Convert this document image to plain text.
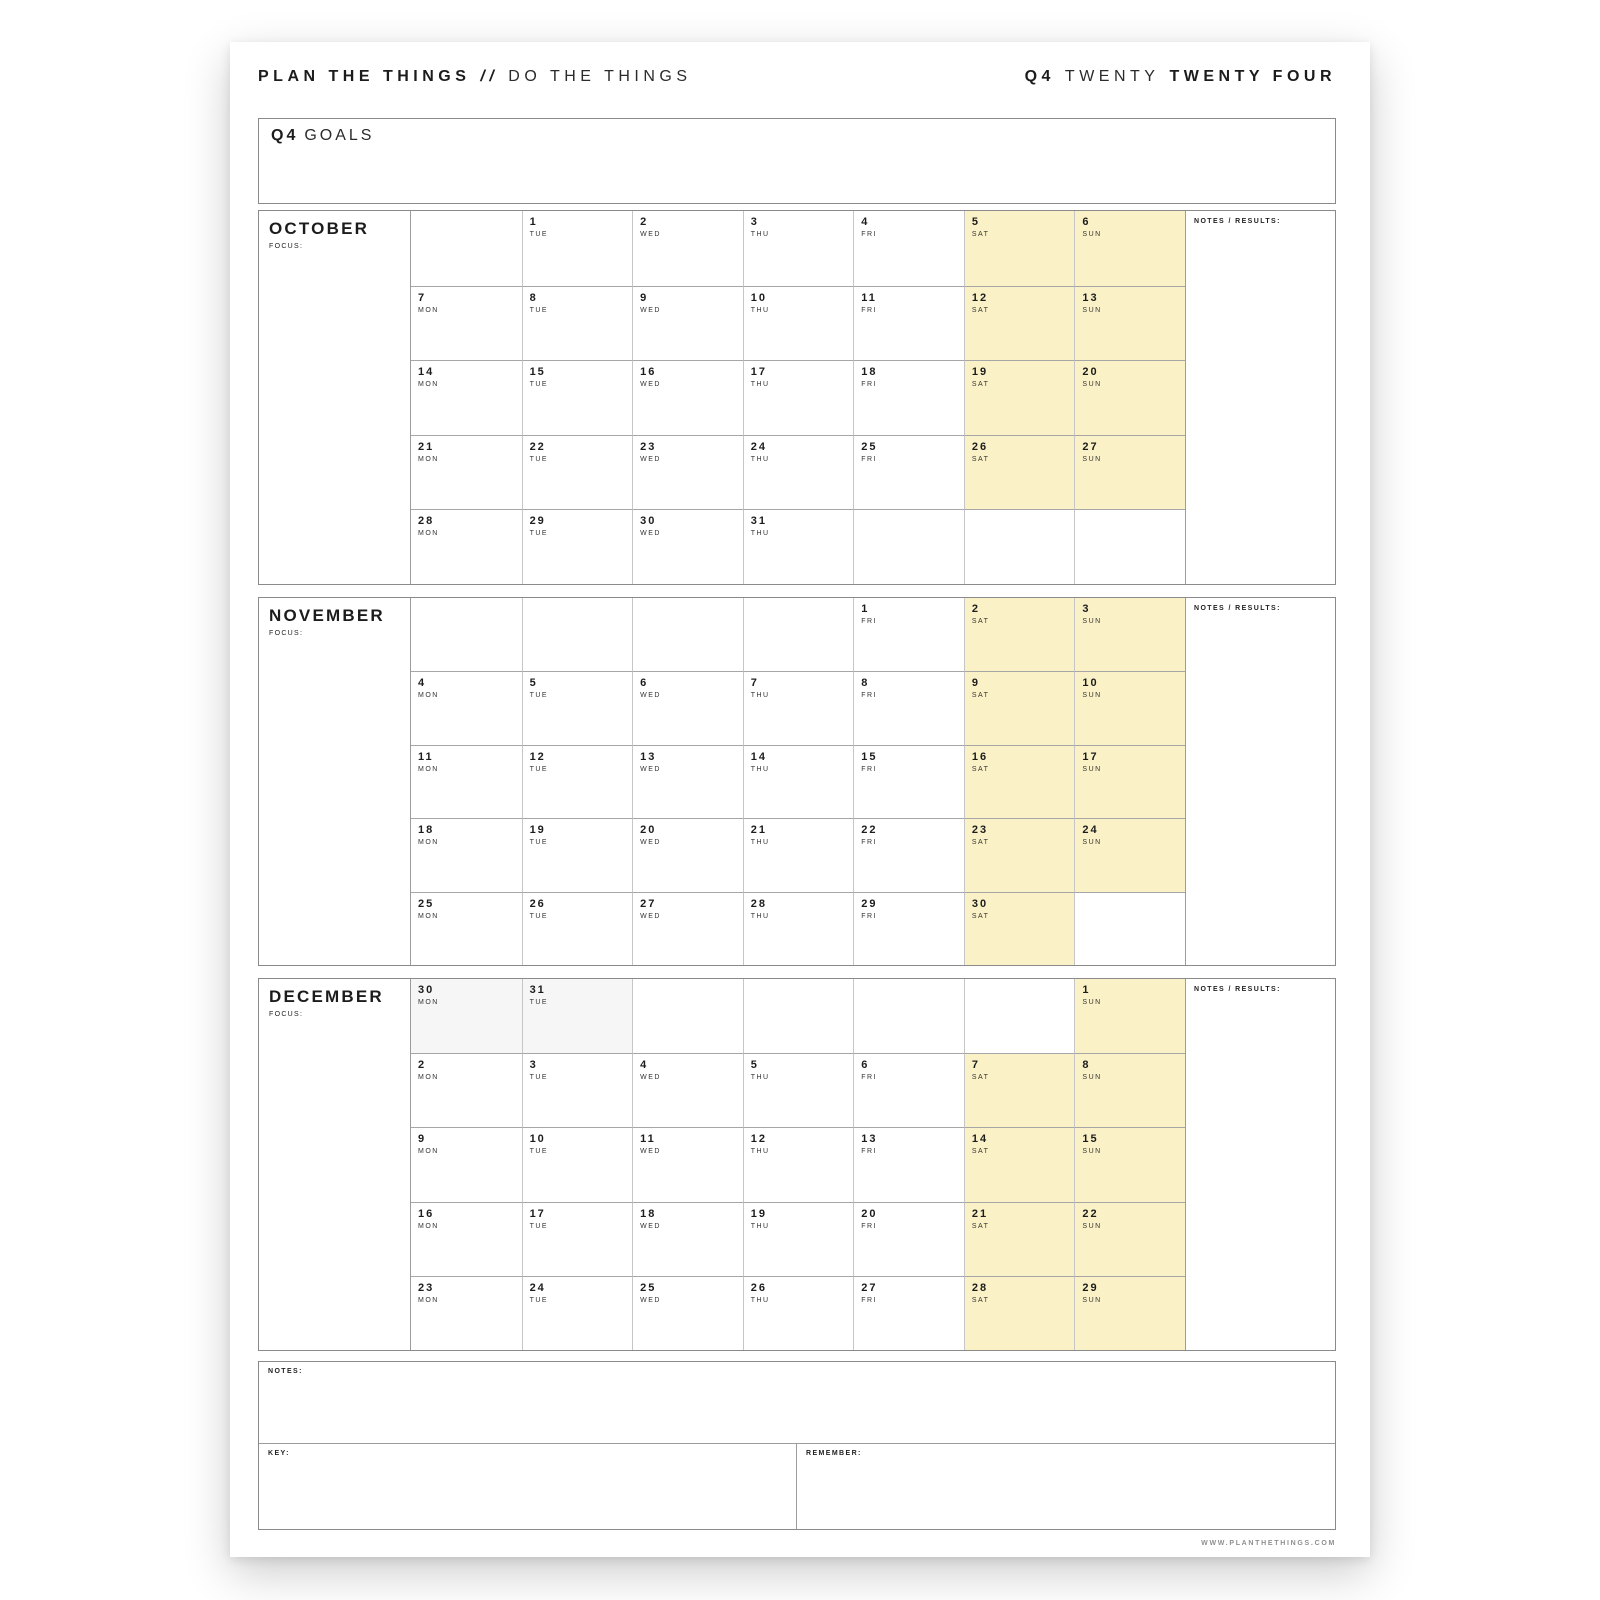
PLAN THE THINGS // DO THE THINGS	Q4 TWENTY TWENTY FOUR
Q4 GOALS
OCTOBER
FOCUS:
1
TUE
2
WED
3
THU
4
FRI
5
SAT
6
SUN
7
MON
8
TUE
9
WED
10
THU
11
FRI
12
SAT
13
SUN
14
MON
15
TUE
16
WED
17
THU
18
FRI
19
SAT
20
SUN
21
MON
22
TUE
23
WED
24
THU
25
FRI
26
SAT
27
SUN
28
MON
29
TUE
30
WED
31
THU
NOTES / RESULTS:
NOVEMBER
FOCUS:
1
FRI
2
SAT
3
SUN
4
MON
5
TUE
6
WED
7
THU
8
FRI
9
SAT
10
SUN
11
MON
12
TUE
13
WED
14
THU
15
FRI
16
SAT
17
SUN
18
MON
19
TUE
20
WED
21
THU
22
FRI
23
SAT
24
SUN
25
MON
26
TUE
27
WED
28
THU
29
FRI
30
SAT
NOTES / RESULTS:
DECEMBER
FOCUS:
30
MON
31
TUE
1
SUN
2
MON
3
TUE
4
WED
5
THU
6
FRI
7
SAT
8
SUN
9
MON
10
TUE
11
WED
12
THU
13
FRI
14
SAT
15
SUN
16
MON
17
TUE
18
WED
19
THU
20
FRI
21
SAT
22
SUN
23
MON
24
TUE
25
WED
26
THU
27
FRI
28
SAT
29
SUN
NOTES / RESULTS:
NOTES:
KEY:	REMEMBER:
WWW.PLANTHETHINGS.COM
